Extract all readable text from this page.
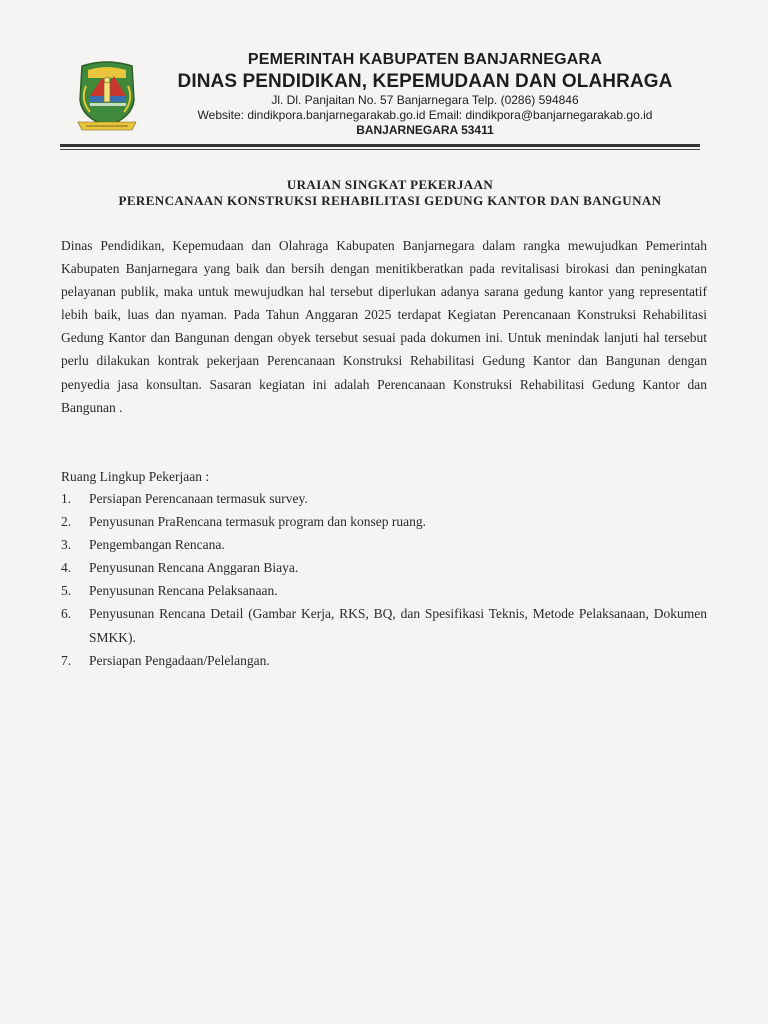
PEMERINTAH KABUPATEN BANJARNEGARA
DINAS PENDIDIKAN, KEPEMUDAAN DAN OLAHRAGA
Jl. Dl. Panjaitan No. 57 Banjarnegara Telp. (0286) 594846
Website: dindikpora.banjarnegarakab.go.id Email: dindikpora@banjarnegarakab.go.id
BANJARNEGARA 53411
URAIAN SINGKAT PEKERJAAN
PERENCANAAN KONSTRUKSI REHABILITASI GEDUNG KANTOR DAN BANGUNAN
Dinas Pendidikan, Kepemudaan dan Olahraga Kabupaten Banjarnegara dalam rangka mewujudkan Pemerintah Kabupaten Banjarnegara yang baik dan bersih dengan menitikberatkan pada revitalisasi birokasi dan peningkatan pelayanan publik, maka untuk mewujudkan hal tersebut diperlukan adanya sarana gedung kantor yang representatif lebih baik, luas dan nyaman. Pada Tahun Anggaran 2025 terdapat Kegiatan Perencanaan Konstruksi Rehabilitasi Gedung Kantor dan Bangunan dengan obyek tersebut sesuai pada dokumen ini. Untuk menindak lanjuti hal tersebut perlu dilakukan kontrak pekerjaan Perencanaan Konstruksi Rehabilitasi Gedung Kantor dan Bangunan dengan penyedia jasa konsultan. Sasaran kegiatan ini adalah Perencanaan Konstruksi Rehabilitasi Gedung Kantor dan Bangunan .
Ruang Lingkup Pekerjaan :
1.	Persiapan Perencanaan termasuk survey.
2.	Penyusunan PraRencana termasuk program dan konsep ruang.
3.	Pengembangan Rencana.
4.	Penyusunan Rencana Anggaran Biaya.
5.	Penyusunan Rencana Pelaksanaan.
6.	Penyusunan Rencana Detail (Gambar Kerja, RKS, BQ, dan Spesifikasi Teknis, Metode Pelaksanaan, Dokumen SMKK).
7.	Persiapan Pengadaan/Pelelangan.
